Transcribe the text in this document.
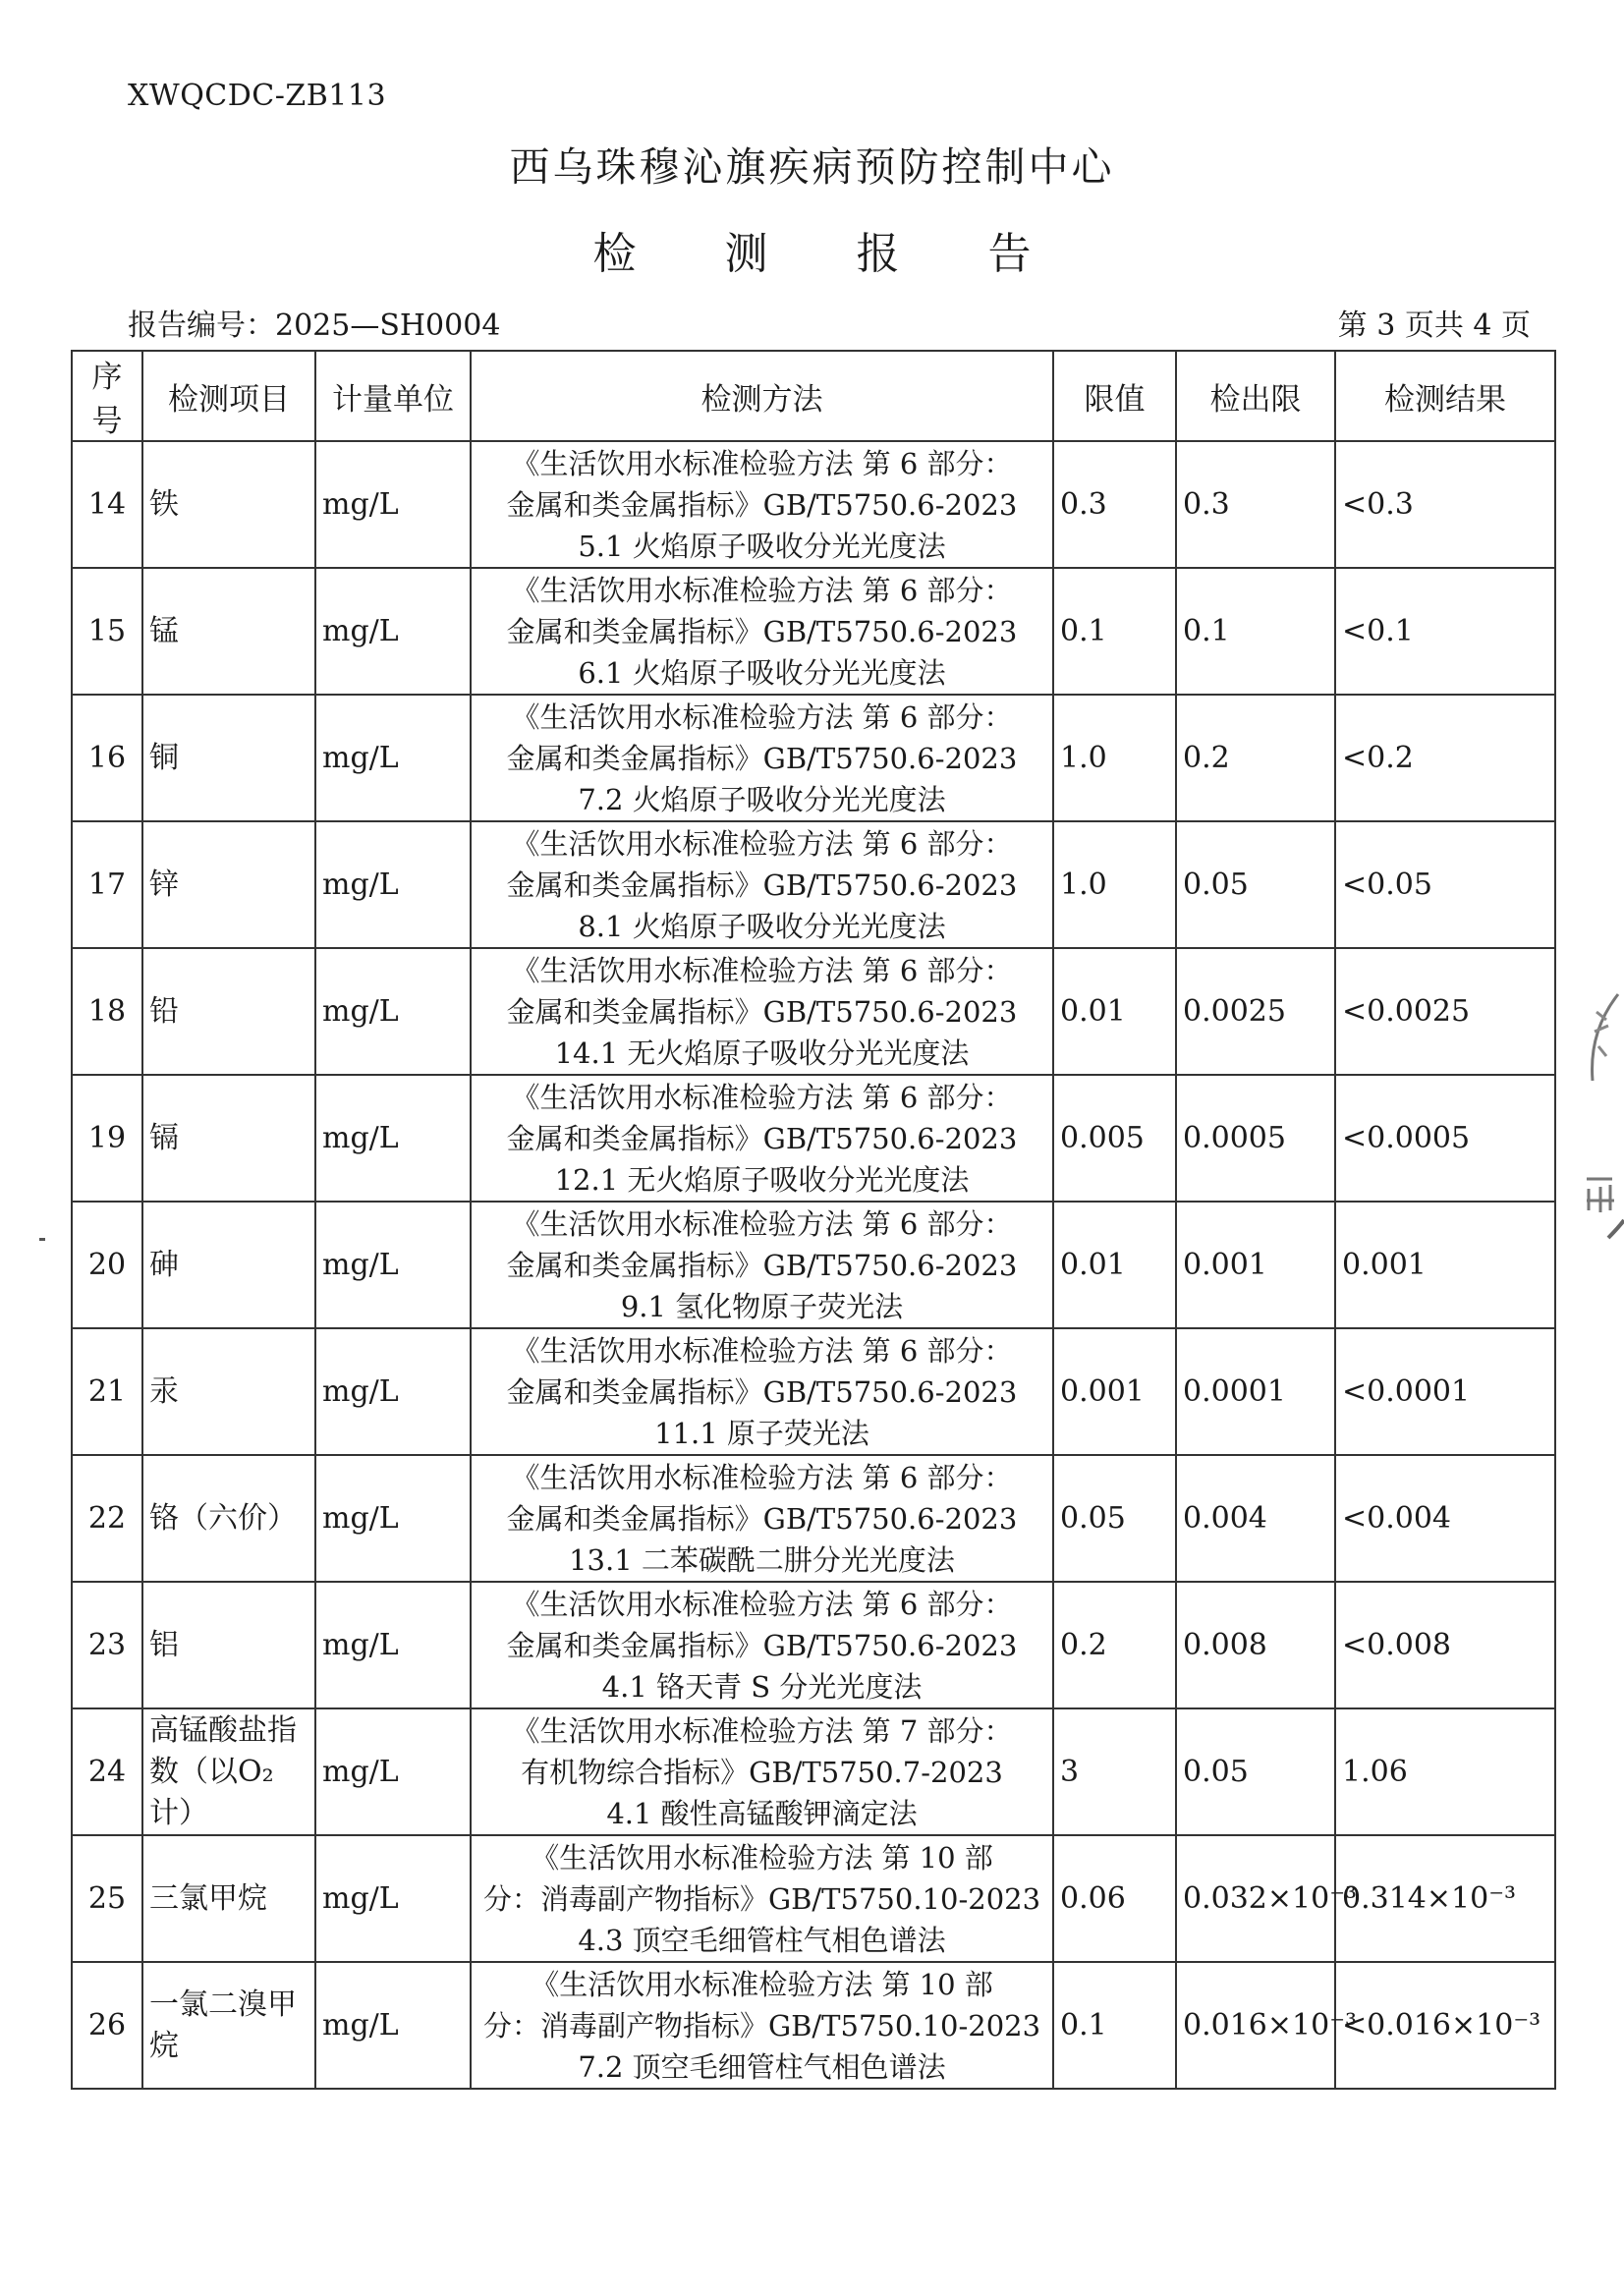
XWQCDC-ZB113
西乌珠穆沁旗疾病预防控制中心
检 测 报 告
报告编号：2025—SH0004	第 3 页共 4 页
序号	检测项目	计量单位	检测方法	限值	检出限	检测结果
14	铁	mg/L	《生活饮用水标准检验方法 第 6 部分：
金属和类金属指标》GB/T5750.6-2023
5.1 火焰原子吸收分光光度法	0.3	0.3	<0.3
15	锰	mg/L	《生活饮用水标准检验方法 第 6 部分：
金属和类金属指标》GB/T5750.6-2023
6.1 火焰原子吸收分光光度法	0.1	0.1	<0.1
16	铜	mg/L	《生活饮用水标准检验方法 第 6 部分：
金属和类金属指标》GB/T5750.6-2023
7.2 火焰原子吸收分光光度法	1.0	0.2	<0.2
17	锌	mg/L	《生活饮用水标准检验方法 第 6 部分：
金属和类金属指标》GB/T5750.6-2023
8.1 火焰原子吸收分光光度法	1.0	0.05	<0.05
18	铅	mg/L	《生活饮用水标准检验方法 第 6 部分：
金属和类金属指标》GB/T5750.6-2023
14.1 无火焰原子吸收分光光度法	0.01	0.0025	<0.0025
19	镉	mg/L	《生活饮用水标准检验方法 第 6 部分：
金属和类金属指标》GB/T5750.6-2023
12.1 无火焰原子吸收分光光度法	0.005	0.0005	<0.0005
20	砷	mg/L	《生活饮用水标准检验方法 第 6 部分：
金属和类金属指标》GB/T5750.6-2023
9.1 氢化物原子荧光法	0.01	0.001	0.001
21	汞	mg/L	《生活饮用水标准检验方法 第 6 部分：
金属和类金属指标》GB/T5750.6-2023
11.1 原子荧光法	0.001	0.0001	<0.0001
22	铬（六价）	mg/L	《生活饮用水标准检验方法 第 6 部分：
金属和类金属指标》GB/T5750.6-2023
13.1 二苯碳酰二肼分光光度法	0.05	0.004	<0.004
23	铝	mg/L	《生活饮用水标准检验方法 第 6 部分：
金属和类金属指标》GB/T5750.6-2023
4.1 铬天青 S 分光光度法	0.2	0.008	<0.008
24	高锰酸盐指数（以O₂计）	mg/L	《生活饮用水标准检验方法 第 7 部分：
有机物综合指标》GB/T5750.7-2023
4.1 酸性高锰酸钾滴定法	3	0.05	1.06
25	三氯甲烷	mg/L	《生活饮用水标准检验方法 第 10 部
分：消毒副产物指标》GB/T5750.10-2023
4.3 顶空毛细管柱气相色谱法	0.06	0.032×10⁻³	0.314×10⁻³
26	一氯二溴甲烷	mg/L	《生活饮用水标准检验方法 第 10 部
分：消毒副产物指标》GB/T5750.10-2023
7.2 顶空毛细管柱气相色谱法	0.1	0.016×10⁻³	<0.016×10⁻³
